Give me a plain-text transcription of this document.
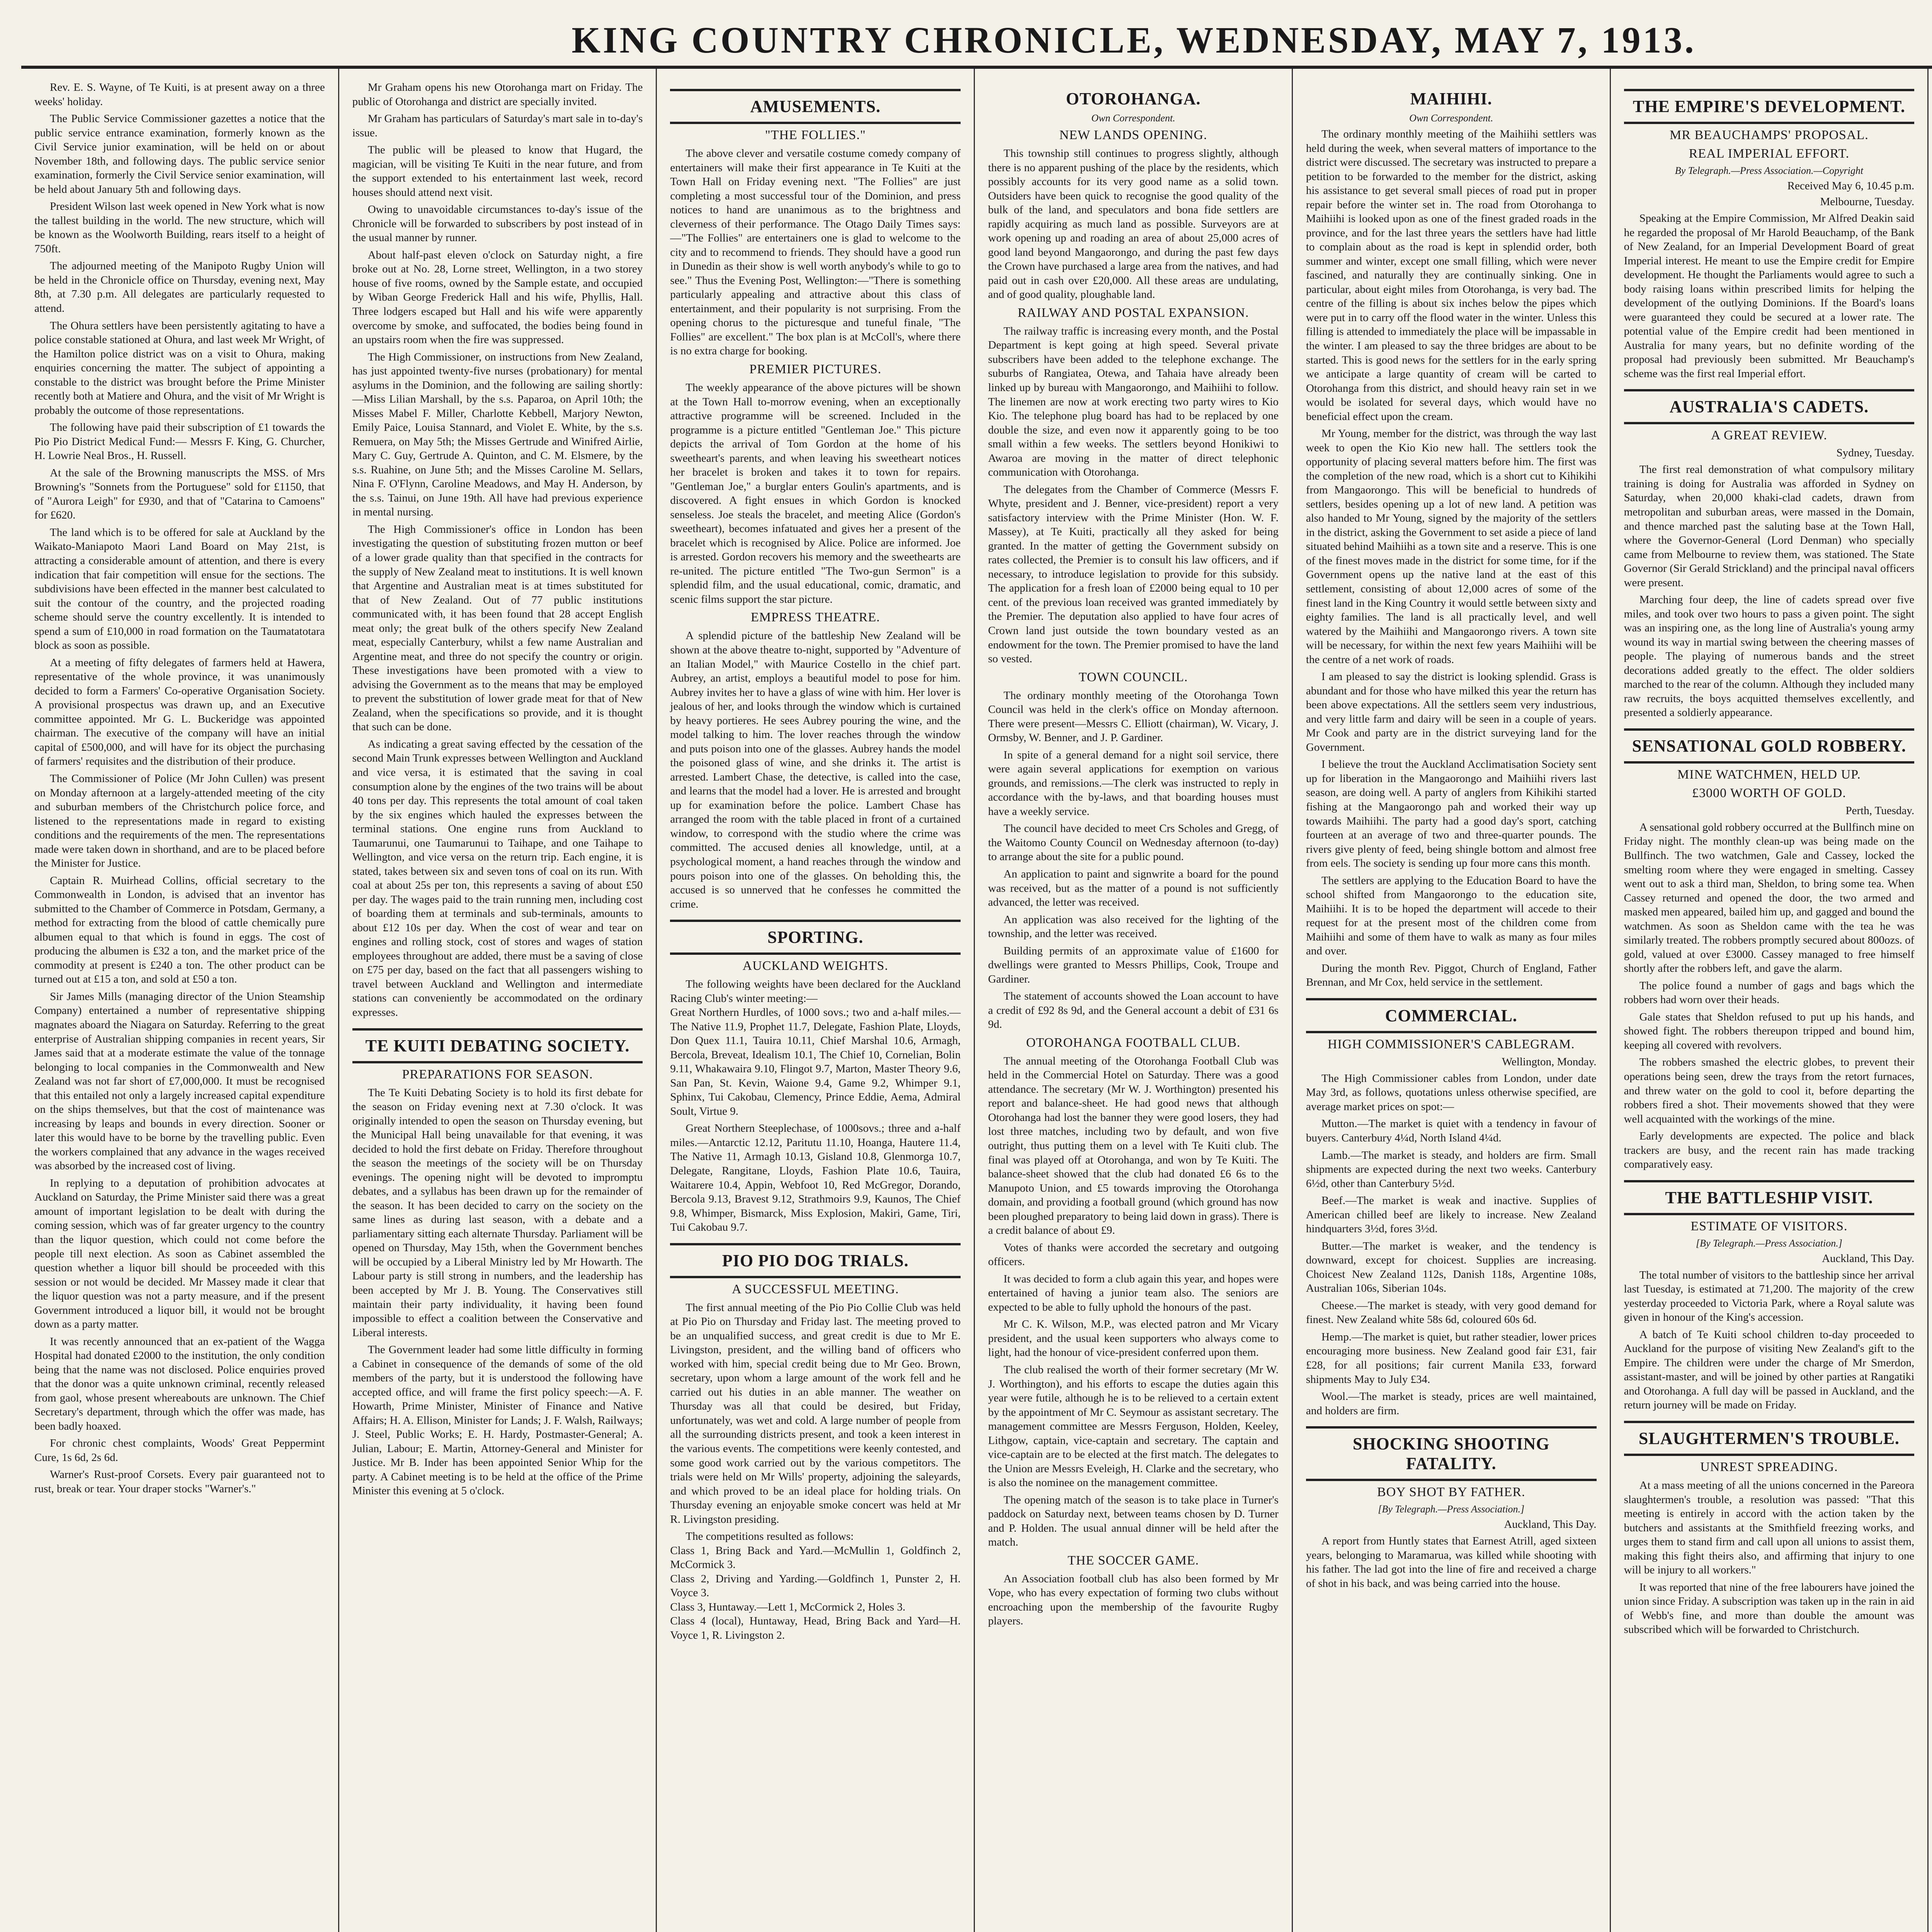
KING COUNTRY CHRONICLE, WEDNESDAY, MAY 7, 1913.
Rev. E. S. Wayne, of Te Kuiti, is at present away on a three weeks' holiday.
The Public Service Commissioner gazettes a notice that the public service entrance examination, formerly known as the Civil Service junior examination, will be held on or about November 18th, and following days. The public service senior examination, formerly the Civil Service senior examination, will be held about January 5th and following days.
President Wilson last week opened in New York what is now the tallest building in the world. The new structure, which will be known as the Woolworth Building, rears itself to a height of 750ft.
The adjourned meeting of the Manipoto Rugby Union will be held in the Chronicle office on Thursday, evening next, May 8th, at 7.30 p.m. All delegates are particularly requested to attend.
The Ohura settlers have been persistently agitating to have a police constable stationed at Ohura, and last week Mr Wright, of the Hamilton police district was on a visit to Ohura, making enquiries concerning the matter. The subject of appointing a constable to the district was brought before the Prime Minister recently both at Matiere and Ohura, and the visit of Mr Wright is probably the outcome of those representations.
The following have paid their subscription of £1 towards the Pio Pio District Medical Fund:— Messrs F. King, G. Churcher, H. Lowrie Neal Bros., H. Russell.
At the sale of the Browning manuscripts the MSS. of Mrs Browning's "Sonnets from the Portuguese" sold for £1150, that of "Aurora Leigh" for £930, and that of "Catarina to Camoens" for £620.
The land which is to be offered for sale at Auckland by the Waikato-Maniapoto Maori Land Board on May 21st, is attracting a considerable amount of attention, and there is every indication that fair competition will ensue for the sections. The subdivisions have been effected in the manner best calculated to suit the contour of the country, and the projected roading scheme should serve the country excellently. It is intended to spend a sum of £10,000 in road formation on the Taumatatotara block as soon as possible.
At a meeting of fifty delegates of farmers held at Hawera, representative of the whole province, it was unanimously decided to form a Farmers' Co-operative Organisation Society. A provisional prospectus was drawn up, and an Executive committee appointed. Mr G. L. Buckeridge was appointed chairman. The executive of the company will have an initial capital of £500,000, and will have for its object the purchasing of farmers' requisites and the distribution of their produce.
The Commissioner of Police (Mr John Cullen) was present on Monday afternoon at a largely-attended meeting of the city and suburban members of the Christchurch police force, and listened to the representations made in regard to existing conditions and the requirements of the men. The representations made were taken down in shorthand, and are to be placed before the Minister for Justice.
Captain R. Muirhead Collins, official secretary to the Commonwealth in London, is advised that an inventor has submitted to the Chamber of Commerce in Potsdam, Germany, a method for extracting from the blood of cattle chemically pure albumen equal to that which is found in eggs. The cost of producing the albumen is £32 a ton, and the market price of the commodity at present is £240 a ton. The other product can be turned out at £15 a ton, and sold at £50 a ton.
Sir James Mills (managing director of the Union Steamship Company) entertained a number of representative shipping magnates aboard the Niagara on Saturday. Referring to the great enterprise of Australian shipping companies in recent years, Sir James said that at a moderate estimate the value of the tonnage belonging to local companies in the Commonwealth and New Zealand was not far short of £7,000,000. It must be recognised that this entailed not only a largely increased capital expenditure on the ships themselves, but that the cost of maintenance was increasing by leaps and bounds in every direction. Sooner or later this would have to be borne by the travelling public. Even the workers complained that any advance in the wages received was absorbed by the increased cost of living.
In replying to a deputation of prohibition advocates at Auckland on Saturday, the Prime Minister said there was a great amount of important legislation to be dealt with during the coming session, which was of far greater urgency to the country than the liquor question, which could not come before the people till next election. As soon as Cabinet assembled the question whether a liquor bill should be proceeded with this session or not would be decided. Mr Massey made it clear that the liquor question was not a party measure, and if the present Government introduced a liquor bill, it would not be brought down as a party matter.
It was recently announced that an ex-patient of the Wagga Hospital had donated £2000 to the institution, the only condition being that the name was not disclosed. Police enquiries proved that the donor was a quite unknown criminal, recently released from gaol, whose present whereabouts are unknown. The Chief Secretary's department, through which the offer was made, has been badly hoaxed.
For chronic chest complaints, Woods' Great Peppermint Cure, 1s 6d, 2s 6d.
Warner's Rust-proof Corsets. Every pair guaranteed not to rust, break or tear. Your draper stocks "Warner's."
Mr Graham opens his new Otorohanga mart on Friday. The public of Otorohanga and district are specially invited.
Mr Graham has particulars of Saturday's mart sale in to-day's issue.
The public will be pleased to know that Hugard, the magician, will be visiting Te Kuiti in the near future, and from the support extended to his entertainment last week, record houses should attend next visit.
Owing to unavoidable circumstances to-day's issue of the Chronicle will be forwarded to subscribers by post instead of in the usual manner by runner.
About half-past eleven o'clock on Saturday night, a fire broke out at No. 28, Lorne street, Wellington, in a two storey house of five rooms, owned by the Sample estate, and occupied by Wiban George Frederick Hall and his wife, Phyllis, Hall. Three lodgers escaped but Hall and his wife were apparently overcome by smoke, and suffocated, the bodies being found in an upstairs room when the fire was suppressed.
The High Commissioner, on instructions from New Zealand, has just appointed twenty-five nurses (probationary) for mental asylums in the Dominion, and the following are sailing shortly:—Miss Lilian Marshall, by the s.s. Paparoa, on April 10th; the Misses Mabel F. Miller, Charlotte Kebbell, Marjory Newton, Emily Paice, Louisa Stannard, and Violet E. White, by the s.s. Remuera, on May 5th; the Misses Gertrude and Winifred Airlie, Mary C. Guy, Gertrude A. Quinton, and C. M. Elsmere, by the s.s. Ruahine, on June 5th; and the Misses Caroline M. Sellars, Nina F. O'Flynn, Caroline Meadows, and May H. Anderson, by the s.s. Tainui, on June 19th. All have had previous experience in mental nursing.
The High Commissioner's office in London has been investigating the question of substituting frozen mutton or beef of a lower grade quality than that specified in the contracts for the supply of New Zealand meat to institutions. It is well known that Argentine and Australian meat is at times substituted for that of New Zealand. Out of 77 public institutions communicated with, it has been found that 28 accept English meat only; the great bulk of the others specify New Zealand meat, especially Canterbury, whilst a few name Australian and Argentine meat, and three do not specify the country or origin. These investigations have been promoted with a view to advising the Government as to the means that may be employed to prevent the substitution of lower grade meat for that of New Zealand, when the specifications so provide, and it is thought that such can be done.
As indicating a great saving effected by the cessation of the second Main Trunk expresses between Wellington and Auckland and vice versa, it is estimated that the saving in coal consumption alone by the engines of the two trains will be about 40 tons per day. This represents the total amount of coal taken by the six engines which hauled the expresses between the terminal stations. One engine runs from Auckland to Taumarunui, one Taumarunui to Taihape, and one Taihape to Wellington, and vice versa on the return trip. Each engine, it is stated, takes between six and seven tons of coal on its run. With coal at about 25s per ton, this represents a saving of about £50 per day. The wages paid to the train running men, including cost of boarding them at terminals and sub-terminals, amounts to about £12 10s per day. When the cost of wear and tear on engines and rolling stock, cost of stores and wages of station employees throughout are added, there must be a saving of close on £75 per day, based on the fact that all passengers wishing to travel between Auckland and Wellington and intermediate stations can conveniently be accommodated on the ordinary expresses.
TE KUITI DEBATING SOCIETY.
PREPARATIONS FOR SEASON.
The Te Kuiti Debating Society is to hold its first debate for the season on Friday evening next at 7.30 o'clock. It was originally intended to open the season on Thursday evening, but the Municipal Hall being unavailable for that evening, it was decided to hold the first debate on Friday. Therefore throughout the season the meetings of the society will be on Thursday evenings. The opening night will be devoted to impromptu debates, and a syllabus has been drawn up for the remainder of the season. It has been decided to carry on the society on the same lines as during last season, with a debate and a parliamentary sitting each alternate Thursday. Parliament will be opened on Thursday, May 15th, when the Government benches will be occupied by a Liberal Ministry led by Mr Howarth. The Labour party is still strong in numbers, and the leadership has been accepted by Mr J. B. Young. The Conservatives still maintain their party individuality, it having been found impossible to effect a coalition between the Conservative and Liberal interests.
The Government leader had some little difficulty in forming a Cabinet in consequence of the demands of some of the old members of the party, but it is understood the following have accepted office, and will frame the first policy speech:—A. F. Howarth, Prime Minister, Minister of Finance and Native Affairs; H. A. Ellison, Minister for Lands; J. F. Walsh, Railways; J. Steel, Public Works; E. H. Hardy, Postmaster-General; A. Julian, Labour; E. Martin, Attorney-General and Minister for Justice. Mr B. Inder has been appointed Senior Whip for the party. A Cabinet meeting is to be held at the office of the Prime Minister this evening at 5 o'clock.
AMUSEMENTS.
"THE FOLLIES."
The above clever and versatile costume comedy company of entertainers will make their first appearance in Te Kuiti at the Town Hall on Friday evening next. "The Follies" are just completing a most successful tour of the Dominion, and press notices to hand are unanimous as to the brightness and cleverness of their performance. The Otago Daily Times says:—"The Follies" are entertainers one is glad to welcome to the city and to recommend to friends. They should have a good run in Dunedin as their show is well worth anybody's while to go to see." Thus the Evening Post, Wellington:—"There is something particularly appealing and attractive about this class of entertainment, and their popularity is not surprising. From the opening chorus to the picturesque and tuneful finale, "The Follies" are excellent." The box plan is at McColl's, where there is no extra charge for booking.
PREMIER PICTURES.
The weekly appearance of the above pictures will be shown at the Town Hall to-morrow evening, when an exceptionally attractive programme will be screened. Included in the programme is a picture entitled "Gentleman Joe." This picture depicts the arrival of Tom Gordon at the home of his sweetheart's parents, and when leaving his sweetheart notices her bracelet is broken and takes it to town for repairs. "Gentleman Joe," a burglar enters Goulin's apartments, and is discovered. A fight ensues in which Gordon is knocked senseless. Joe steals the bracelet, and meeting Alice (Gordon's sweetheart), becomes infatuated and gives her a present of the bracelet which is recognised by Alice. Police are informed. Joe is arrested. Gordon recovers his memory and the sweethearts are re-united. The picture entitled "The Two-gun Sermon" is a splendid film, and the usual educational, comic, dramatic, and scenic films support the star picture.
EMPRESS THEATRE.
A splendid picture of the battleship New Zealand will be shown at the above theatre to-night, supported by "Adventure of an Italian Model," with Maurice Costello in the chief part. Aubrey, an artist, employs a beautiful model to pose for him. Aubrey invites her to have a glass of wine with him. Her lover is jealous of her, and looks through the window which is curtained by heavy portieres. He sees Aubrey pouring the wine, and the model talking to him. The lover reaches through the window and puts poison into one of the glasses. Aubrey hands the model the poisoned glass of wine, and she drinks it. The artist is arrested. Lambert Chase, the detective, is called into the case, and learns that the model had a lover. He is arrested and brought up for examination before the police. Lambert Chase has arranged the room with the table placed in front of a curtained window, to correspond with the studio where the crime was committed. The accused denies all knowledge, until, at a psychological moment, a hand reaches through the window and pours poison into one of the glasses. On beholding this, the accused is so unnerved that he confesses he committed the crime.
SPORTING.
AUCKLAND WEIGHTS.
The following weights have been declared for the Auckland Racing Club's winter meeting:—
Great Northern Hurdles, of 1000 sovs.; two and a-half miles.—The Native 11.9, Prophet 11.7, Delegate, Fashion Plate, Lloyds, Don Quex 11.1, Tauira 10.11, Chief Marshal 10.6, Armagh, Bercola, Breveat, Idealism 10.1, The Chief 10, Cornelian, Bolin 9.11, Whakawaira 9.10, Flingot 9.7, Marton, Master Theory 9.6, San Pan, St. Kevin, Waione 9.4, Game 9.2, Whimper 9.1, Sphinx, Tui Cakobau, Clemency, Prince Eddie, Aema, Admiral Soult, Virtue 9.
Great Northern Steeplechase, of 1000sovs.; three and a-half miles.—Antarctic 12.12, Paritutu 11.10, Hoanga, Hautere 11.4, The Native 11, Armagh 10.13, Gisland 10.8, Glenmorga 10.7, Delegate, Rangitane, Lloyds, Fashion Plate 10.6, Tauira, Waitarere 10.4, Appin, Webfoot 10, Red McGregor, Dorando, Bercola 9.13, Bravest 9.12, Strathmoirs 9.9, Kaunos, The Chief 9.8, Whimper, Bismarck, Miss Explosion, Makiri, Game, Tiri, Tui Cakobau 9.7.
PIO PIO DOG TRIALS.
A SUCCESSFUL MEETING.
The first annual meeting of the Pio Pio Collie Club was held at Pio Pio on Thursday and Friday last. The meeting proved to be an unqualified success, and great credit is due to Mr E. Livingston, president, and the willing band of officers who worked with him, special credit being due to Mr Geo. Brown, secretary, upon whom a large amount of the work fell and he carried out his duties in an able manner. The weather on Thursday was all that could be desired, but Friday, unfortunately, was wet and cold. A large number of people from all the surrounding districts present, and took a keen interest in the various events. The competitions were keenly contested, and some good work carried out by the various competitors. The trials were held on Mr Wills' property, adjoining the saleyards, and which proved to be an ideal place for holding trials. On Thursday evening an enjoyable smoke concert was held at Mr R. Livingston presiding.
The competitions resulted as follows:
Class 1, Bring Back and Yard.—McMullin 1, Goldfinch 2, McCormick 3.
Class 2, Driving and Yarding.—Goldfinch 1, Punster 2, H. Voyce 3.
Class 3, Huntaway.—Lett 1, McCormick 2, Holes 3.
Class 4 (local), Huntaway, Head, Bring Back and Yard—H. Voyce 1, R. Livingston 2.
OTOROHANGA.
Own Correspondent.
NEW LANDS OPENING.
This township still continues to progress slightly, although there is no apparent pushing of the place by the residents, which possibly accounts for its very good name as a solid town. Outsiders have been quick to recognise the good quality of the bulk of the land, and speculators and bona fide settlers are rapidly acquiring as much land as possible. Surveyors are at work opening up and roading an area of about 25,000 acres of good land beyond Mangaorongo, and during the past few days the Crown have purchased a large area from the natives, and had paid out in cash over £20,000. All these areas are undulating, and of good quality, ploughable land.
RAILWAY AND POSTAL EXPANSION.
The railway traffic is increasing every month, and the Postal Department is kept going at high speed. Several private subscribers have been added to the telephone exchange. The suburbs of Rangiatea, Otewa, and Tahaia have already been linked up by bureau with Mangaorongo, and Maihiihi to follow. The linemen are now at work erecting two party wires to Kio Kio. The telephone plug board has had to be replaced by one double the size, and even now it apparently going to be too small within a few weeks. The settlers beyond Honikiwi to Awaroa are moving in the matter of direct telephonic communication with Otorohanga.
The delegates from the Chamber of Commerce (Messrs F. Whyte, president and J. Benner, vice-president) report a very satisfactory interview with the Prime Minister (Hon. W. F. Massey), at Te Kuiti, practically all they asked for being granted. In the matter of getting the Government subsidy on rates collected, the Premier is to consult his law officers, and if necessary, to introduce legislation to provide for this subsidy. The application for a fresh loan of £2000 being equal to 10 per cent. of the previous loan received was granted immediately by the Premier. The deputation also applied to have four acres of Crown land just outside the town boundary vested as an endowment for the town. The Premier promised to have the land so vested.
TOWN COUNCIL.
The ordinary monthly meeting of the Otorohanga Town Council was held in the clerk's office on Monday afternoon. There were present—Messrs C. Elliott (chairman), W. Vicary, J. Ormsby, W. Benner, and J. P. Gardiner.
In spite of a general demand for a night soil service, there were again several applications for exemption on various grounds, and remissions.—The clerk was instructed to reply in accordance with the by-laws, and that boarding houses must have a weekly service.
The council have decided to meet Crs Scholes and Gregg, of the Waitomo County Council on Wednesday afternoon (to-day) to arrange about the site for a public pound.
An application to paint and signwrite a board for the pound was received, but as the matter of a pound is not sufficiently advanced, the letter was received.
An application was also received for the lighting of the township, and the letter was received.
Building permits of an approximate value of £1600 for dwellings were granted to Messrs Phillips, Cook, Troupe and Gardiner.
The statement of accounts showed the Loan account to have a credit of £92 8s 9d, and the General account a debit of £31 6s 9d.
OTOROHANGA FOOTBALL CLUB.
The annual meeting of the Otorohanga Football Club was held in the Commercial Hotel on Saturday. There was a good attendance. The secretary (Mr W. J. Worthington) presented his report and balance-sheet. He had good news that although Otorohanga had lost the banner they were good losers, they had lost three matches, including two by default, and won five outright, thus putting them on a level with Te Kuiti club. The final was played off at Otorohanga, and won by Te Kuiti. The balance-sheet showed that the club had donated £6 6s to the Manupoto Union, and £5 towards improving the Otorohanga domain, and providing a football ground (which ground has now been ploughed preparatory to being laid down in grass). There is a credit balance of about £9.
Votes of thanks were accorded the secretary and outgoing officers.
It was decided to form a club again this year, and hopes were entertained of having a junior team also. The seniors are expected to be able to fully uphold the honours of the past.
Mr C. K. Wilson, M.P., was elected patron and Mr Vicary president, and the usual keen supporters who always come to light, had the honour of vice-president conferred upon them.
The club realised the worth of their former secretary (Mr W. J. Worthington), and his efforts to escape the duties again this year were futile, although he is to be relieved to a certain extent by the appointment of Mr C. Seymour as assistant secretary. The management committee are Messrs Ferguson, Holden, Keeley, Lithgow, captain, vice-captain and secretary. The captain and vice-captain are to be elected at the first match. The delegates to the Union are Messrs Eveleigh, H. Clarke and the secretary, who is also the nominee on the management committee.
The opening match of the season is to take place in Turner's paddock on Saturday next, between teams chosen by D. Turner and P. Holden. The usual annual dinner will be held after the match.
THE SOCCER GAME.
An Association football club has also been formed by Mr Vope, who has every expectation of forming two clubs without encroaching upon the membership of the favourite Rugby players.
MAIHIHI.
Own Correspondent.
The ordinary monthly meeting of the Maihiihi settlers was held during the week, when several matters of importance to the district were discussed. The secretary was instructed to prepare a petition to be forwarded to the member for the district, asking his assistance to get several small pieces of road put in proper repair before the winter set in. The road from Otorohanga to Maihiihi is looked upon as one of the finest graded roads in the province, and for the last three years the settlers have had little to complain about as the road is kept in splendid order, both summer and winter, except one small filling, which were never fascined, and naturally they are continually sinking. One in particular, about eight miles from Otorohanga, is very bad. The centre of the filling is about six inches below the pipes which were put in to carry off the flood water in the winter. Unless this filling is attended to immediately the place will be impassable in the winter. I am pleased to say the three bridges are about to be started. This is good news for the settlers for in the early spring we anticipate a large quantity of cream will be carted to Otorohanga from this district, and should heavy rain set in we would be isolated for several days, which would have no beneficial effect upon the cream.
Mr Young, member for the district, was through the way last week to open the Kio Kio new hall. The settlers took the opportunity of placing several matters before him. The first was the completion of the new road, which is a short cut to Kihikihi from Mangaorongo. This will be beneficial to hundreds of settlers, besides opening up a lot of new land. A petition was also handed to Mr Young, signed by the majority of the settlers in the district, asking the Government to set aside a piece of land situated behind Maihiihi as a town site and a reserve. This is one of the finest moves made in the district for some time, for if the Government opens up the native land at the east of this settlement, consisting of about 12,000 acres of some of the finest land in the King Country it would settle between sixty and eighty families. The land is all practically level, and well watered by the Maihiihi and Mangaorongo rivers. A town site will be necessary, for within the next few years Maihiihi will be the centre of a net work of roads.
I am pleased to say the district is looking splendid. Grass is abundant and for those who have milked this year the return has been above expectations. All the settlers seem very industrious, and very little farm and dairy will be seen in a couple of years. Mr Cook and party are in the district surveying land for the Government.
I believe the trout the Auckland Acclimatisation Society sent up for liberation in the Mangaorongo and Maihiihi rivers last season, are doing well. A party of anglers from Kihikihi started fishing at the Mangaorongo pah and worked their way up towards Maihiihi. The party had a good day's sport, catching fourteen at an average of two and three-quarter pounds. The rivers give plenty of feed, being shingle bottom and almost free from eels. The society is sending up four more cans this month.
The settlers are applying to the Education Board to have the school shifted from Mangaorongo to the education site, Maihiihi. It is to be hoped the department will accede to their request for at the present most of the children come from Maihiihi and some of them have to walk as many as four miles and over.
During the month Rev. Piggot, Church of England, Father Brennan, and Mr Cox, held service in the settlement.
COMMERCIAL.
HIGH COMMISSIONER'S CABLEGRAM.
Wellington, Monday.
The High Commissioner cables from London, under date May 3rd, as follows, quotations unless otherwise specified, are average market prices on spot:—
Mutton.—The market is quiet with a tendency in favour of buyers. Canterbury 4¼d, North Island 4¼d.
Lamb.—The market is steady, and holders are firm. Small shipments are expected during the next two weeks. Canterbury 6½d, other than Canterbury 5½d.
Beef.—The market is weak and inactive. Supplies of American chilled beef are likely to increase. New Zealand hindquarters 3½d, fores 3½d.
Butter.—The market is weaker, and the tendency is downward, except for choicest. Supplies are increasing. Choicest New Zealand 112s, Danish 118s, Argentine 108s, Australian 106s, Siberian 104s.
Cheese.—The market is steady, with very good demand for finest. New Zealand white 58s 6d, coloured 60s 6d.
Hemp.—The market is quiet, but rather steadier, lower prices encouraging more business. New Zealand good fair £31, fair £28, for all positions; fair current Manila £33, forward shipments May to July £34.
Wool.—The market is steady, prices are well maintained, and holders are firm.
SHOCKING SHOOTING FATALITY.
BOY SHOT BY FATHER.
[By Telegraph.—Press Association.]
Auckland, This Day.
A report from Huntly states that Earnest Atrill, aged sixteen years, belonging to Maramarua, was killed while shooting with his father. The lad got into the line of fire and received a charge of shot in his back, and was being carried into the house.
THE EMPIRE'S DEVELOPMENT.
MR BEAUCHAMPS' PROPOSAL.
REAL IMPERIAL EFFORT.
By Telegraph.—Press Association.—Copyright
Received May 6, 10.45 p.m.
Melbourne, Tuesday.
Speaking at the Empire Commission, Mr Alfred Deakin said he regarded the proposal of Mr Harold Beauchamp, of the Bank of New Zealand, for an Imperial Development Board of great Imperial interest. He meant to use the Empire credit for Empire development. He thought the Parliaments would agree to such a body raising loans within prescribed limits for helping the development of the outlying Dominions. If the Board's loans were guaranteed they could be secured at a lower rate. The potential value of the Empire credit had been mentioned in Australia for many years, but no definite wording of the proposal had previously been submitted. Mr Beauchamp's scheme was the first real Imperial effort.
AUSTRALIA'S CADETS.
A GREAT REVIEW.
Sydney, Tuesday.
The first real demonstration of what compulsory military training is doing for Australia was afforded in Sydney on Saturday, when 20,000 khaki-clad cadets, drawn from metropolitan and suburban areas, were massed in the Domain, and thence marched past the saluting base at the Town Hall, where the Governor-General (Lord Denman) who specially came from Melbourne to review them, was stationed. The State Governor (Sir Gerald Strickland) and the principal naval officers were present.
Marching four deep, the line of cadets spread over five miles, and took over two hours to pass a given point. The sight was an inspiring one, as the long line of Australia's young army wound its way in martial swing between the cheering masses of people. The playing of numerous bands and the street decorations added greatly to the effect. The older soldiers marched to the rear of the column. Although they included many raw recruits, the boys acquitted themselves excellently, and presented a soldierly appearance.
SENSATIONAL GOLD ROBBERY.
MINE WATCHMEN, HELD UP.
£3000 WORTH OF GOLD.
Perth, Tuesday.
A sensational gold robbery occurred at the Bullfinch mine on Friday night. The monthly clean-up was being made on the Bullfinch. The two watchmen, Gale and Cassey, locked the smelting room where they were engaged in smelting. Cassey went out to ask a third man, Sheldon, to bring some tea. When Cassey returned and opened the door, the two armed and masked men appeared, bailed him up, and gagged and bound the watchmen. As soon as Sheldon came with the tea he was similarly treated. The robbers promptly secured about 800ozs. of gold, valued at over £3000. Cassey managed to free himself shortly after the robbers left, and gave the alarm.
The police found a number of gags and bags which the robbers had worn over their heads.
Gale states that Sheldon refused to put up his hands, and showed fight. The robbers thereupon tripped and bound him, keeping all covered with revolvers.
The robbers smashed the electric globes, to prevent their operations being seen, drew the trays from the retort furnaces, and threw water on the gold to cool it, before departing the robbers fired a shot. Their movements showed that they were well acquainted with the workings of the mine.
Early developments are expected. The police and black trackers are busy, and the recent rain has made tracking comparatively easy.
THE BATTLESHIP VISIT.
ESTIMATE OF VISITORS.
[By Telegraph.—Press Association.]
Auckland, This Day.
The total number of visitors to the battleship since her arrival last Tuesday, is estimated at 71,200. The majority of the crew yesterday proceeded to Victoria Park, where a Royal salute was given in honour of the King's accession.
A batch of Te Kuiti school children to-day proceeded to Auckland for the purpose of visiting New Zealand's gift to the Empire. The children were under the charge of Mr Smerdon, assistant-master, and will be joined by other parties at Rangatiki and Otorohanga. A full day will be passed in Auckland, and the return journey will be made on Friday.
SLAUGHTERMEN'S TROUBLE.
UNREST SPREADING.
At a mass meeting of all the unions concerned in the Pareora slaughtermen's trouble, a resolution was passed: "That this meeting is entirely in accord with the action taken by the butchers and assistants at the Smithfield freezing works, and urges them to stand firm and call upon all unions to assist them, making this fight theirs also, and affirming that injury to one will be injury to all workers."
It was reported that nine of the free labourers have joined the union since Friday. A subscription was taken up in the rain in aid of Webb's fine, and more than double the amount was subscribed which will be forwarded to Christchurch.
